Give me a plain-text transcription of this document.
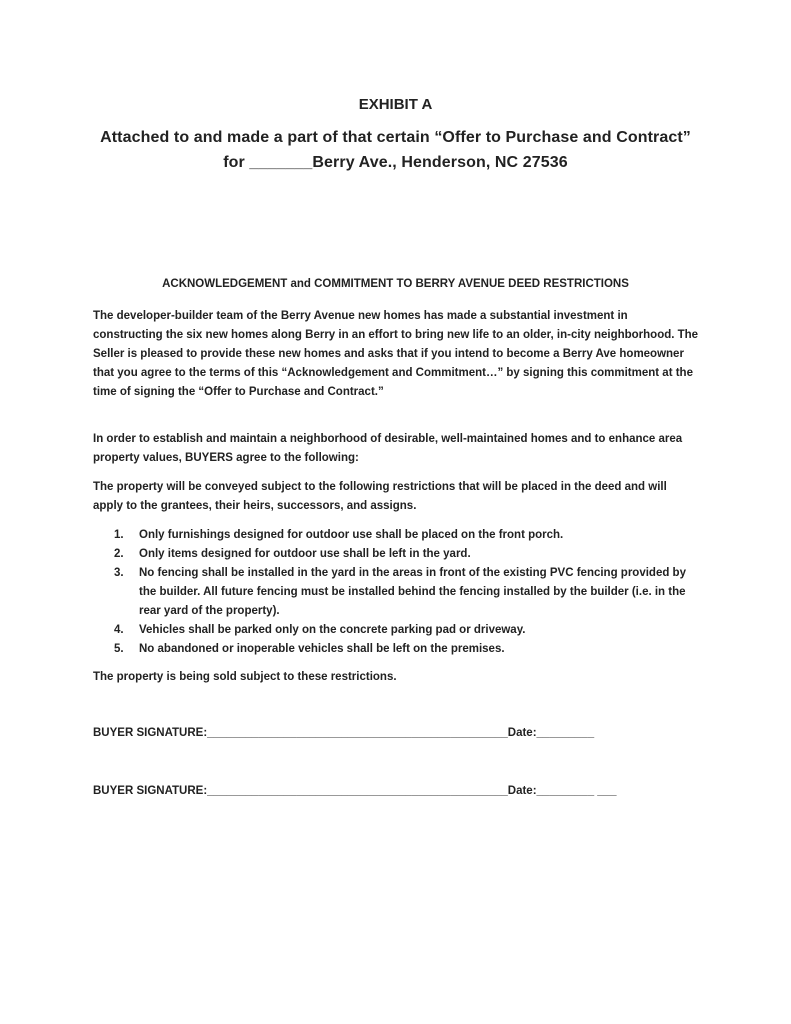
EXHIBIT A
Attached to and made a part of that certain “Offer to Purchase and Contract”
for _______Berry Ave., Henderson, NC 27536
ACKNOWLEDGEMENT and COMMITMENT TO BERRY AVENUE DEED RESTRICTIONS
The developer-builder team of the Berry Avenue new homes has made a substantial investment in constructing the six new homes along Berry in an effort to bring new life to an older, in-city neighborhood. The Seller is pleased to provide these new homes and asks that if you intend to become a Berry Ave homeowner that you agree to the terms of this “Acknowledgement and Commitment…” by signing this commitment at the time of signing the “Offer to Purchase and Contract.”
In order to establish and maintain a neighborhood of desirable, well-maintained homes and to enhance area property values, BUYERS agree to the following:
The property will be conveyed subject to the following restrictions that will be placed in the deed and will apply to the grantees, their heirs, successors, and assigns.
1. Only furnishings designed for outdoor use shall be placed on the front porch.
2. Only items designed for outdoor use shall be left in the yard.
3. No fencing shall be installed in the yard in the areas in front of the existing PVC fencing provided by the builder. All future fencing must be installed behind the fencing installed by the builder (i.e. in the rear yard of the property).
4. Vehicles shall be parked only on the concrete parking pad or driveway.
5. No abandoned or inoperable vehicles shall be left on the premises.
The property is being sold subject to these restrictions.
BUYER SIGNATURE:_______________________________________________Date:_________
BUYER SIGNATURE:_______________________________________________Date:_________ ___
